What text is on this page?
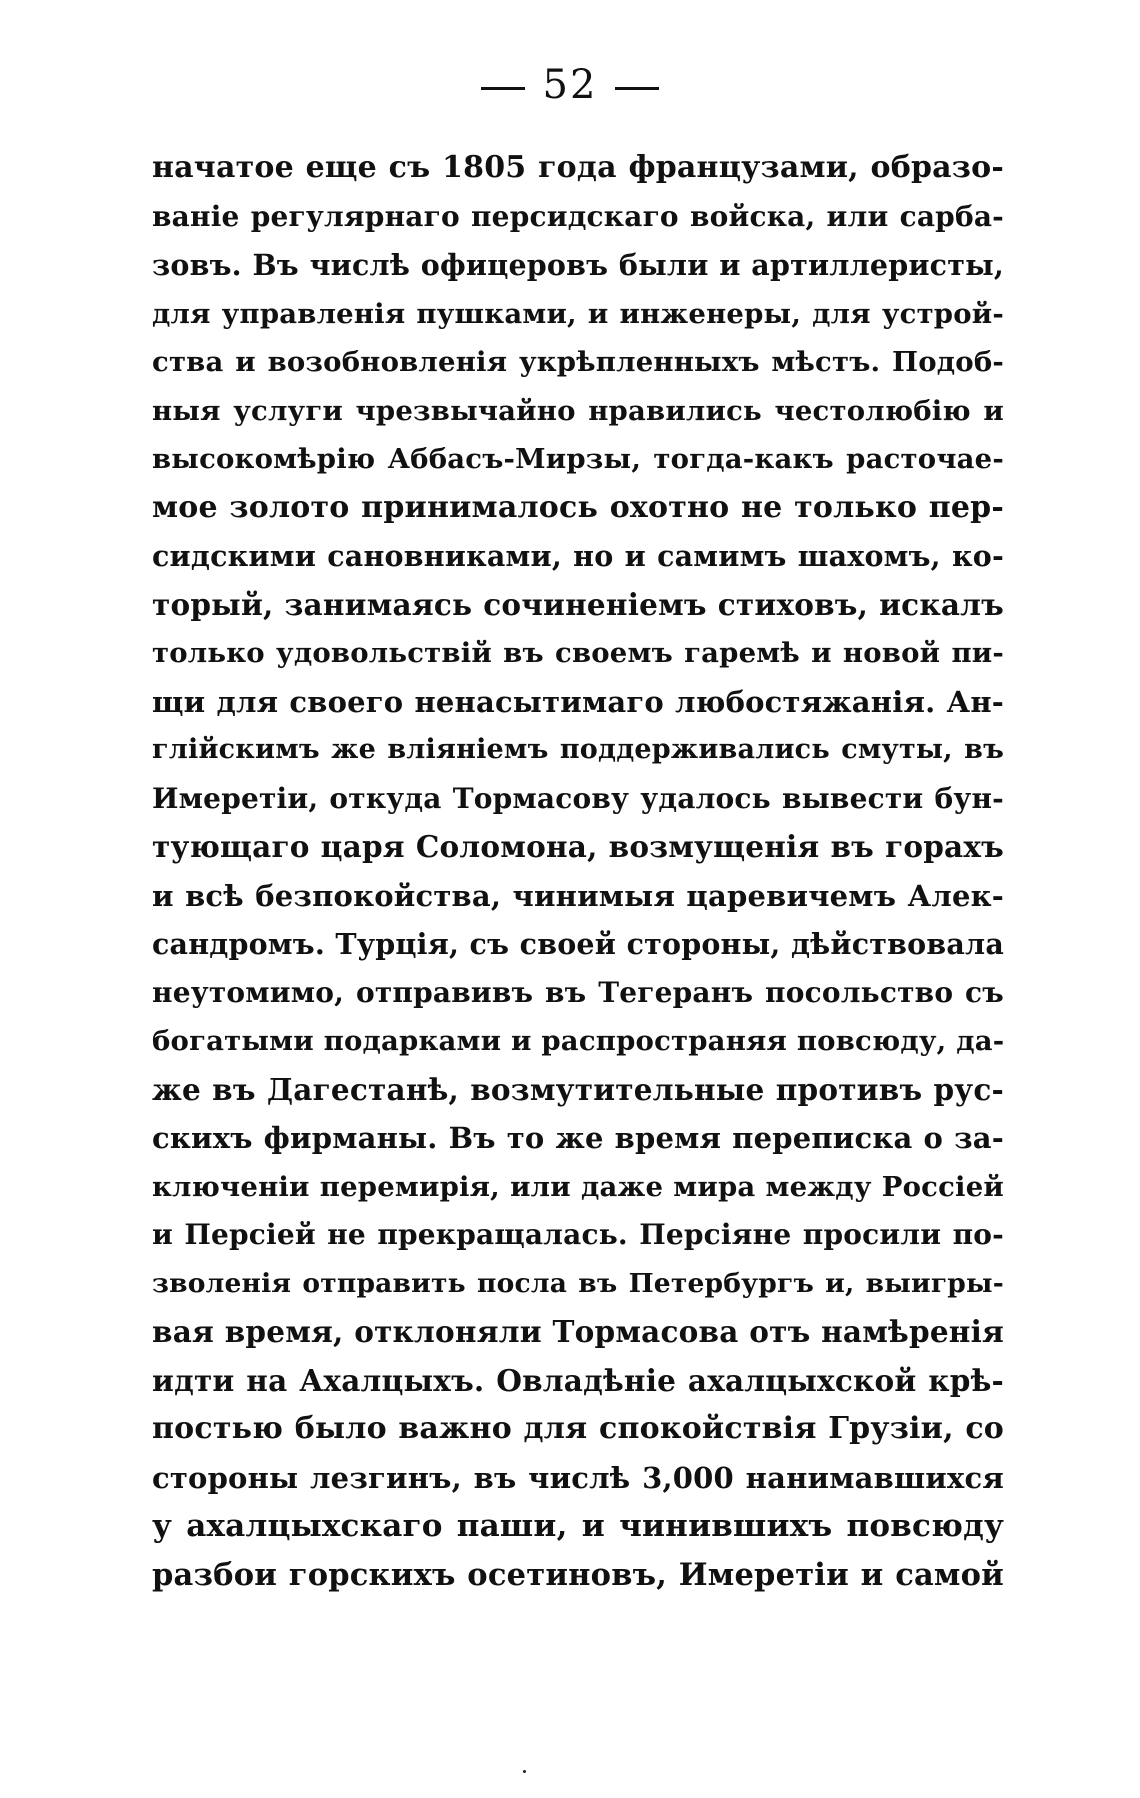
52
начатое еще съ 1805 года французами, образо-
ваніе регулярнаго персидскаго войска, или сарба-
зовъ. Въ числѣ офицеровъ были и артиллеристы,
для управленія пушками, и инженеры, для устрой-
ства и возобновленія укрѣпленныхъ мѣстъ. Подоб-
ныя услуги чрезвычайно нравились честолюбію и
высокомѣрію Аббасъ-Мирзы, тогда-какъ расточае-
мое золото принималось охотно не только пер-
сидскими сановниками, но и самимъ шахомъ, ко-
торый, занимаясь сочиненіемъ стиховъ, искалъ
только удовольствій въ своемъ гаремѣ и новой пи-
щи для своего ненасытимаго любостяжанія. Ан-
глійскимъ же вліяніемъ поддерживались смуты, въ
Имеретіи, откуда Тормасову удалось вывести бун-
тующаго царя Соломона, возмущенія въ горахъ
и всѣ безпокойства, чинимыя царевичемъ Алек-
сандромъ. Турція, съ своей стороны, дѣйствовала
неутомимо, отправивъ въ Тегеранъ посольство съ
богатыми подарками и распространяя повсюду, да-
же въ Дагестанѣ, возмутительные противъ рус-
скихъ фирманы. Въ то же время переписка о за-
ключеніи перемирія, или даже мира между Россіей
и Персіей не прекращалась. Персіяне просили по-
зволенія отправить посла въ Петербургъ и, выигры-
вая время, отклоняли Тормасова отъ намѣренія
идти на Ахалцыхъ. Овладѣніе ахалцыхской крѣ-
постью было важно для спокойствія Грузіи, со
стороны лезгинъ, въ числѣ 3,000 нанимавшихся
у ахалцыхскаго паши, и чинившихъ повсюду
разбои горскихъ осетиновъ, Имеретіи и самой
